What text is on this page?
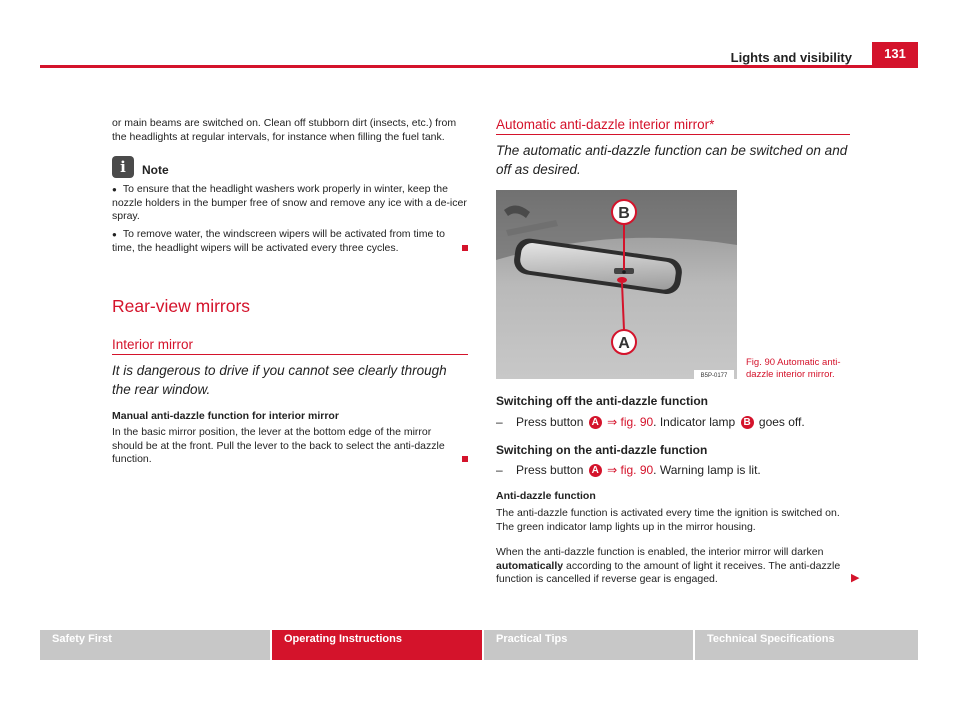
Lights and visibility	131
or main beams are switched on. Clean off stubborn dirt (insects, etc.) from the headlights at regular intervals, for instance when filling the fuel tank.
i	Note
● To ensure that the headlight washers work properly in winter, keep the nozzle holders in the bumper free of snow and remove any ice with a de-icer spray.
● To remove water, the windscreen wipers will be activated from time to time, the headlight wipers will be activated every three cycles.
Rear-view mirrors
Interior mirror
It is dangerous to drive if you cannot see clearly through the rear window.
Manual anti-dazzle function for interior mirror
In the basic mirror position, the lever at the bottom edge of the mirror should be at the front. Pull the lever to the back to select the anti-dazzle function.
Automatic anti-dazzle interior mirror*
The automatic anti-dazzle function can be switched on and off as desired.
B
A
B5P-0177
Fig. 90 Automatic anti-dazzle interior mirror.
Switching off the anti-dazzle function
– Press button A ⇒ fig. 90. Indicator lamp B goes off.
Switching on the anti-dazzle function
– Press button A ⇒ fig. 90. Warning lamp is lit.
Anti-dazzle function
The anti-dazzle function is activated every time the ignition is switched on. The green indicator lamp lights up in the mirror housing.
When the anti-dazzle function is enabled, the interior mirror will darken automatically according to the amount of light it receives. The anti-dazzle function is cancelled if reverse gear is engaged.	▶
Safety First	Operating Instructions	Practical Tips	Technical Specifications
